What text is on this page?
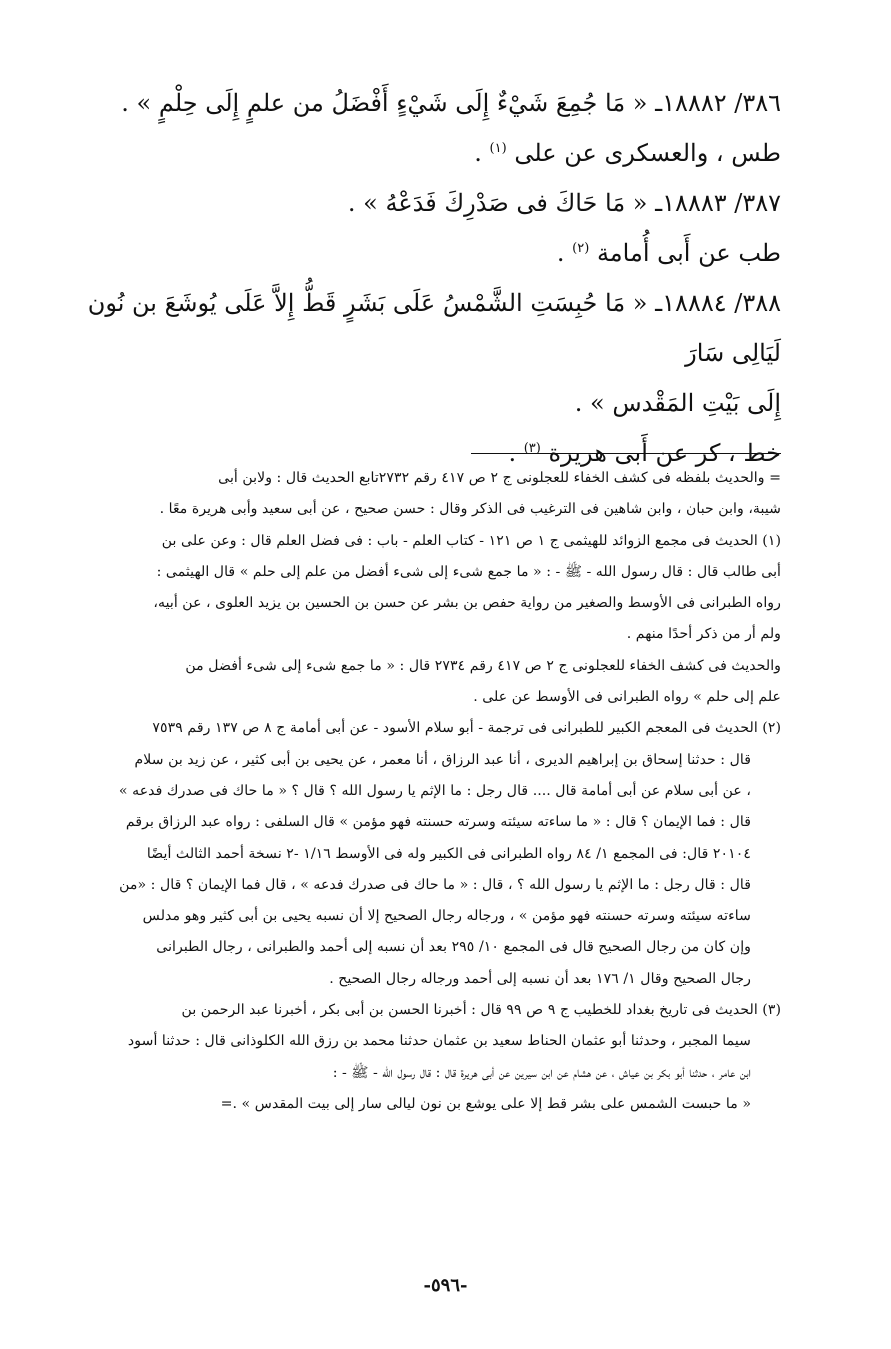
٣٨٦/ ١٨٨٨٢ـ « مَا جُمِعَ شَيْءٌ إِلَى شَيْءٍ أَفْضَلُ من علمٍ إِلَى حِلْمٍ » .

طس ، والعسكرى عن على $^{(١)}$ .

٣٨٧/ ١٨٨٨٣ـ « مَا حَاكَ فى صَدْرِكَ فَدَعْهُ » .

طب عن أَبى أُمامة $^{(٢)}$ .

٣٨٨/ ١٨٨٨٤ـ « مَا حُبِسَتِ الشَّمْسُ عَلَى بَشَرٍ قَطُّ إِلاَّ عَلَى يُوشَعَ بن نُون لَيَالِى سَارَ

إِلَى بَيْتِ المَقْدس » .

خط ، كر عن أَبى هريرة $^{(٣)}$ .

= والحديث بلفظه فى كشف الخفاء للعجلونى ج ٢ ص ٤١٧ رقم ٢٧٣٢تابع الحديث قال : ولابن أبى

شيبة، وابن حبان ، وابن شاهين فى الترغيب فى الذكر وقال : حسن صحيح ، عن أبى سعيد وأبى هريرة معًا .

(١) الحديث فى مجمع الزوائد للهيثمى ج ١ ص ١٢١ - كتاب العلم - باب : فى فضل العلم قال : وعن على بن

أبى طالب قال : قال رسول الله - ﷺ - : « ما جمع شىء إلى شىء أفضل من علم إلى حلم » قال الهيثمى :

رواه الطبرانى فى الأوسط والصغير من رواية حفص بن بشر عن حسن بن الحسين بن يزيد العلوى ، عن أبيه،

ولم أر من ذكر أحدًا منهم .

والحديث فى كشف الخفاء للعجلونى ج ٢ ص ٤١٧ رقم ٢٧٣٤ قال : « ما جمع شىء إلى شىء أفضل من

علم إلى حلم » رواه الطبرانى فى الأوسط عن على .

(٢) الحديث فى المعجم الكبير للطبرانى فى ترجمة - أبو سلام الأسود - عن أبى أمامة ج ٨ ص ١٣٧ رقم ٧٥٣٩

قال : حدثنا إسحاق بن إبراهيم الديرى ، أنا عبد الرزاق ، أنا معمر ، عن يحيى بن أبى كثير ، عن زيد بن سلام

، عن أبى سلام عن أبى أمامة قال .... قال رجل : ما الإثم يا رسول الله ؟ قال ؟ « ما حاك فى صدرك فدعه »

قال : فما الإيمان ؟ قال : « ما ساءته سيئته وسرته حسنته فهو مؤمن » قال السلفى : رواه عبد الرزاق برقم

٢٠١٠٤ قال: فى المجمع ١/ ٨٤ رواه الطبرانى فى الكبير وله فى الأوسط ١/١٦ -٢ نسخة أحمد الثالث أيضًا

قال : قال رجل : ما الإثم يا رسول الله ؟ ، قال : « ما حاك فى صدرك فدعه » ، قال فما الإيمان ؟ قال : «من

ساءته سيئته وسرته حسنته فهو مؤمن » ، ورجاله رجال الصحيح إلا أن نسبه يحيى بن أبى كثير وهو مدلس

وإن كان من رجال الصحيح قال فى المجمع ١٠/ ٢٩٥ بعد أن نسبه إلى أحمد والطبرانى ، رجال الطبرانى

رجال الصحيح وقال ١/ ١٧٦ بعد أن نسبه إلى أحمد ورجاله رجال الصحيح .

(٣) الحديث فى تاريخ بغداد للخطيب ج ٩ ص ٩٩ قال : أخبرنا الحسن بن أبى بكر ، أخبرنا عبد الرحمن بن

سيما المجبر ، وحدثنا أبو عثمان الحناط سعيد بن عثمان حدثنا محمد بن رزق الله الكلوذانى قال : حدثنا أسود

ابن عامر ، حدثنا أبو بكر بن عياش ، عن هشام عن ابن سيرين عن أبى هريرة قال : قال رسول الله - ﷺ - :

« ما حبست الشمس على بشر قط إلا على يوشع بن نون ليالى سار إلى بيت المقدس » .=

-٥٩٦-
